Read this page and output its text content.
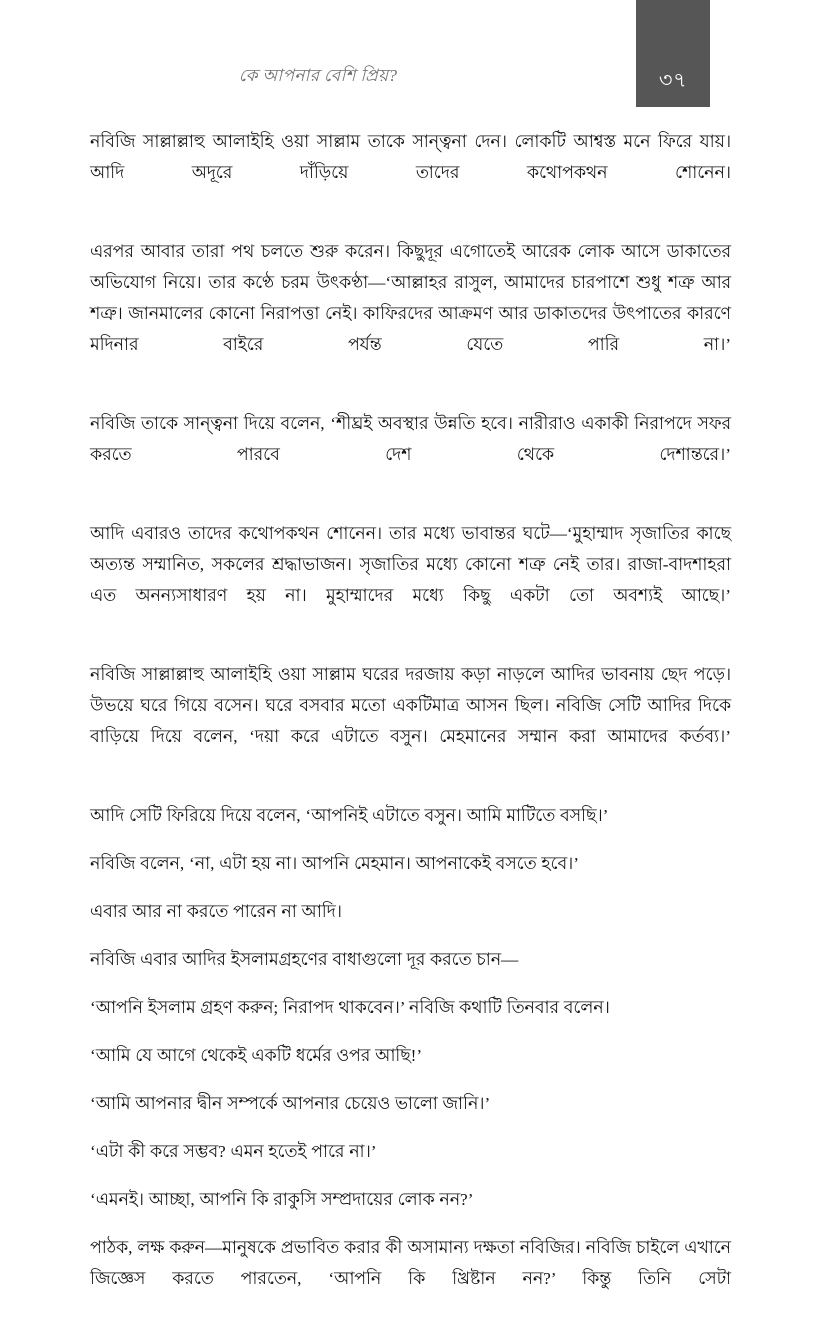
৩৭
কে আপনার বেশি প্রিয়?

নবিজি সাল্লাল্লাহু আলাইহি ওয়া সাল্লাম তাকে সান্ত্বনা দেন। লোকটি আশ্বস্ত মনে ফিরে যায়। আদি অদূরে দাঁড়িয়ে তাদের কথোপকথন শোনেন।

এরপর আবার তারা পথ চলতে শুরু করেন। কিছুদূর এগোতেই আরেক লোক আসে ডাকাতের অভিযোগ নিয়ে। তার কণ্ঠে চরম উৎকণ্ঠা—‘আল্লাহর রাসুল, আমাদের চারপাশে শুধু শত্রু আর শত্রু। জানমালের কোনো নিরাপত্তা নেই। কাফিরদের আক্রমণ আর ডাকাতদের উৎপাতের কারণে মদিনার বাইরে পর্যন্ত যেতে পারি না।’

নবিজি তাকে সান্ত্বনা দিয়ে বলেন, ‘শীঘ্রই অবস্থার উন্নতি হবে। নারীরাও একাকী নিরাপদে সফর করতে পারবে দেশ থেকে দেশান্তরে।’

আদি এবারও তাদের কথোপকথন শোনেন। তার মধ্যে ভাবান্তর ঘটে—‘মুহাম্মাদ সৃজাতির কাছে অত্যন্ত সম্মানিত, সকলের শ্রদ্ধাভাজন। সৃজাতির মধ্যে কোনো শত্রু নেই তার। রাজা-বাদশাহরা এত অনন্যসাধারণ হয় না। মুহাম্মাদের মধ্যে কিছু একটা তো অবশ্যই আছে।’

নবিজি সাল্লাল্লাহু আলাইহি ওয়া সাল্লাম ঘরের দরজায় কড়া নাড়লে আদির ভাবনায় ছেদ পড়ে। উভয়ে ঘরে গিয়ে বসেন। ঘরে বসবার মতো একটিমাত্র আসন ছিল। নবিজি সেটি আদির দিকে বাড়িয়ে দিয়ে বলেন, ‘দয়া করে এটাতে বসুন। মেহমানের সম্মান করা আমাদের কর্তব্য।’

আদি সেটি ফিরিয়ে দিয়ে বলেন, ‘আপনিই এটাতে বসুন। আমি মাটিতে বসছি।’

নবিজি বলেন, ‘না, এটা হয় না। আপনি মেহমান। আপনাকেই বসতে হবে।’

এবার আর না করতে পারেন না আদি।

নবিজি এবার আদির ইসলামগ্রহণের বাধাগুলো দূর করতে চান—

‘আপনি ইসলাম গ্রহণ করুন; নিরাপদ থাকবেন।’ নবিজি কথাটি তিনবার বলেন।

‘আমি যে আগে থেকেই একটি ধর্মের ওপর আছি!’

‘আমি আপনার দ্বীন সম্পর্কে আপনার চেয়েও ভালো জানি।’

‘এটা কী করে সম্ভব? এমন হতেই পারে না।’

‘এমনই। আচ্ছা, আপনি কি রাকুসি সম্প্রদায়ের লোক নন?’

পাঠক, লক্ষ করুন—মানুষকে প্রভাবিত করার কী অসামান্য দক্ষতা নবিজির। নবিজি চাইলে এখানে জিজ্ঞেস করতে পারতেন, ‘আপনি কি খ্রিষ্টান নন?’ কিন্তু তিনি সেটা
